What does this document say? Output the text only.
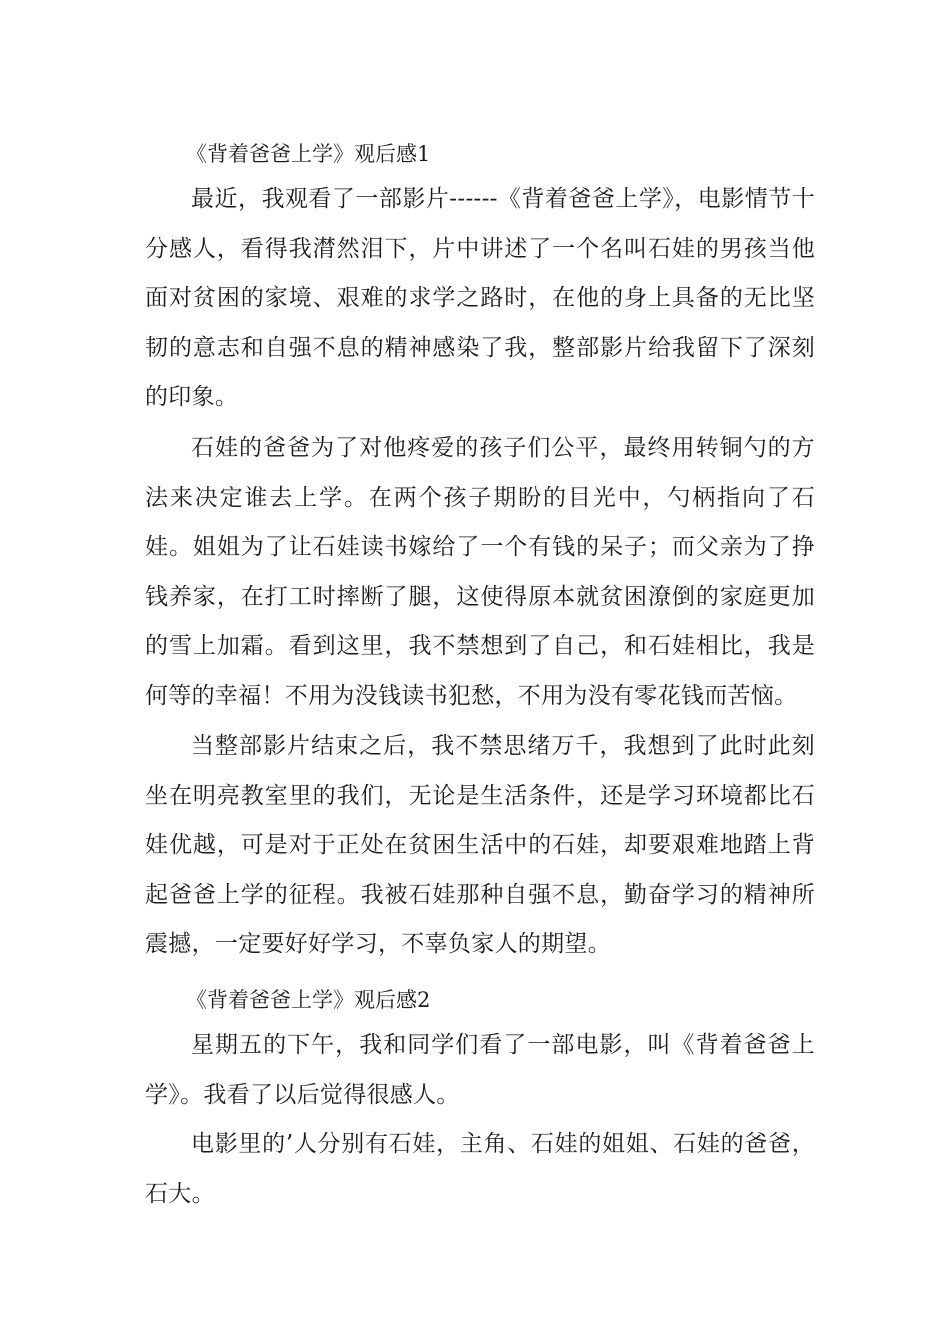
《背着爸爸上学》观后感1

最近，我观看了一部影片------《背着爸爸上学》，电影情节十分感人，看得我潸然泪下，片中讲述了一个名叫石娃的男孩当他面对贫困的家境、艰难的求学之路时，在他的身上具备的无比坚韧的意志和自强不息的精神感染了我，整部影片给我留下了深刻的印象。

石娃的爸爸为了对他疼爱的孩子们公平，最终用转铜勺的方法来决定谁去上学。在两个孩子期盼的目光中，勺柄指向了石娃。姐姐为了让石娃读书嫁给了一个有钱的呆子；而父亲为了挣钱养家，在打工时摔断了腿，这使得原本就贫困潦倒的家庭更加的雪上加霜。看到这里，我不禁想到了自己，和石娃相比，我是何等的幸福！不用为没钱读书犯愁，不用为没有零花钱而苦恼。

当整部影片结束之后，我不禁思绪万千，我想到了此时此刻坐在明亮教室里的我们，无论是生活条件，还是学习环境都比石娃优越，可是对于正处在贫困生活中的石娃，却要艰难地踏上背起爸爸上学的征程。我被石娃那种自强不息，勤奋学习的精神所震撼，一定要好好学习，不辜负家人的期望。

《背着爸爸上学》观后感2

星期五的下午，我和同学们看了一部电影，叫《背着爸爸上学》。我看了以后觉得很感人。

电影里的’人分别有石娃，主角、石娃的姐姐、石娃的爸爸，石大。
